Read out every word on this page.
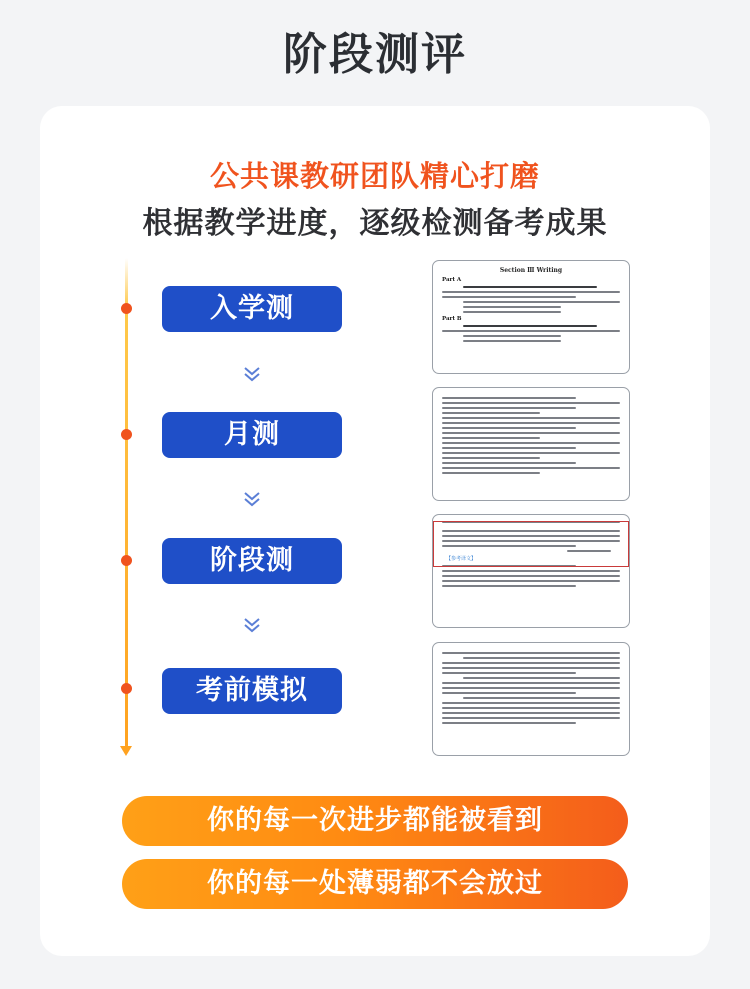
阶段测评
公共课教研团队精心打磨
根据教学进度，逐级检测备考成果
入学测
月测
阶段测
考前模拟
Section Ⅲ Writing
Part A
Part B
【参考译文】
你的每一次进步都能被看到
你的每一处薄弱都不会放过
